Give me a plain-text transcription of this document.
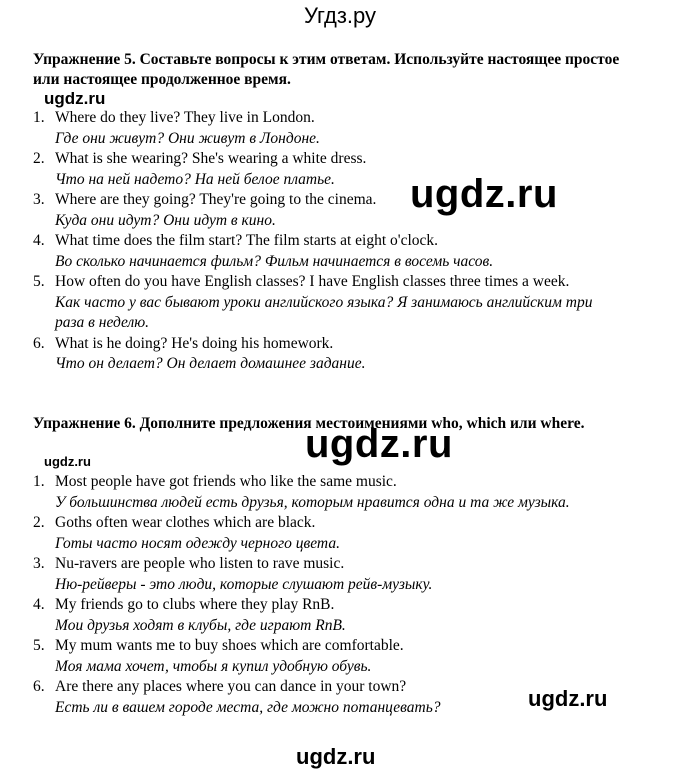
Угдз.ру
Упражнение 5. Составьте вопросы к этим ответам. Используйте настоящее простое или настоящее продолженное время.
ugdz.ru
1. Where do they live? They live in London.
Где они живут? Они живут в Лондоне.
2. What is she wearing? She's wearing a white dress.
Что на ней надето? На ней белое платье.
3. Where are they going? They're going to the cinema.
Куда они идут? Они идут в кино.
4. What time does the film start? The film starts at eight o'clock.
Во сколько начинается фильм? Фильм начинается в восемь часов.
5. How often do you have English classes? I have English classes three times a week.
Как часто у вас бывают уроки английского языка? Я занимаюсь английским три раза в неделю.
6. What is he doing? He's doing his homework.
Что он делает? Он делает домашнее задание.
ugdz.ru
Упражнение 6. Дополните предложения местоимениями who, which или where.
ugdz.ru
ugdz.ru
1. Most people have got friends who like the same music.
У большинства людей есть друзья, которым нравится одна и та же музыка.
2. Goths often wear clothes which are black.
Готы часто носят одежду черного цвета.
3. Nu-ravers are people who listen to rave music.
Ню-рейверы - это люди, которые слушают рейв-музыку.
4. My friends go to clubs where they play RnB.
Мои друзья ходят в клубы, где играют RnB.
5. My mum wants me to buy shoes which are comfortable.
Моя мама хочет, чтобы я купил удобную обувь.
6. Are there any places where you can dance in your town?
Есть ли в вашем городе места, где можно потанцевать?	ugdz.ru
ugdz.ru
